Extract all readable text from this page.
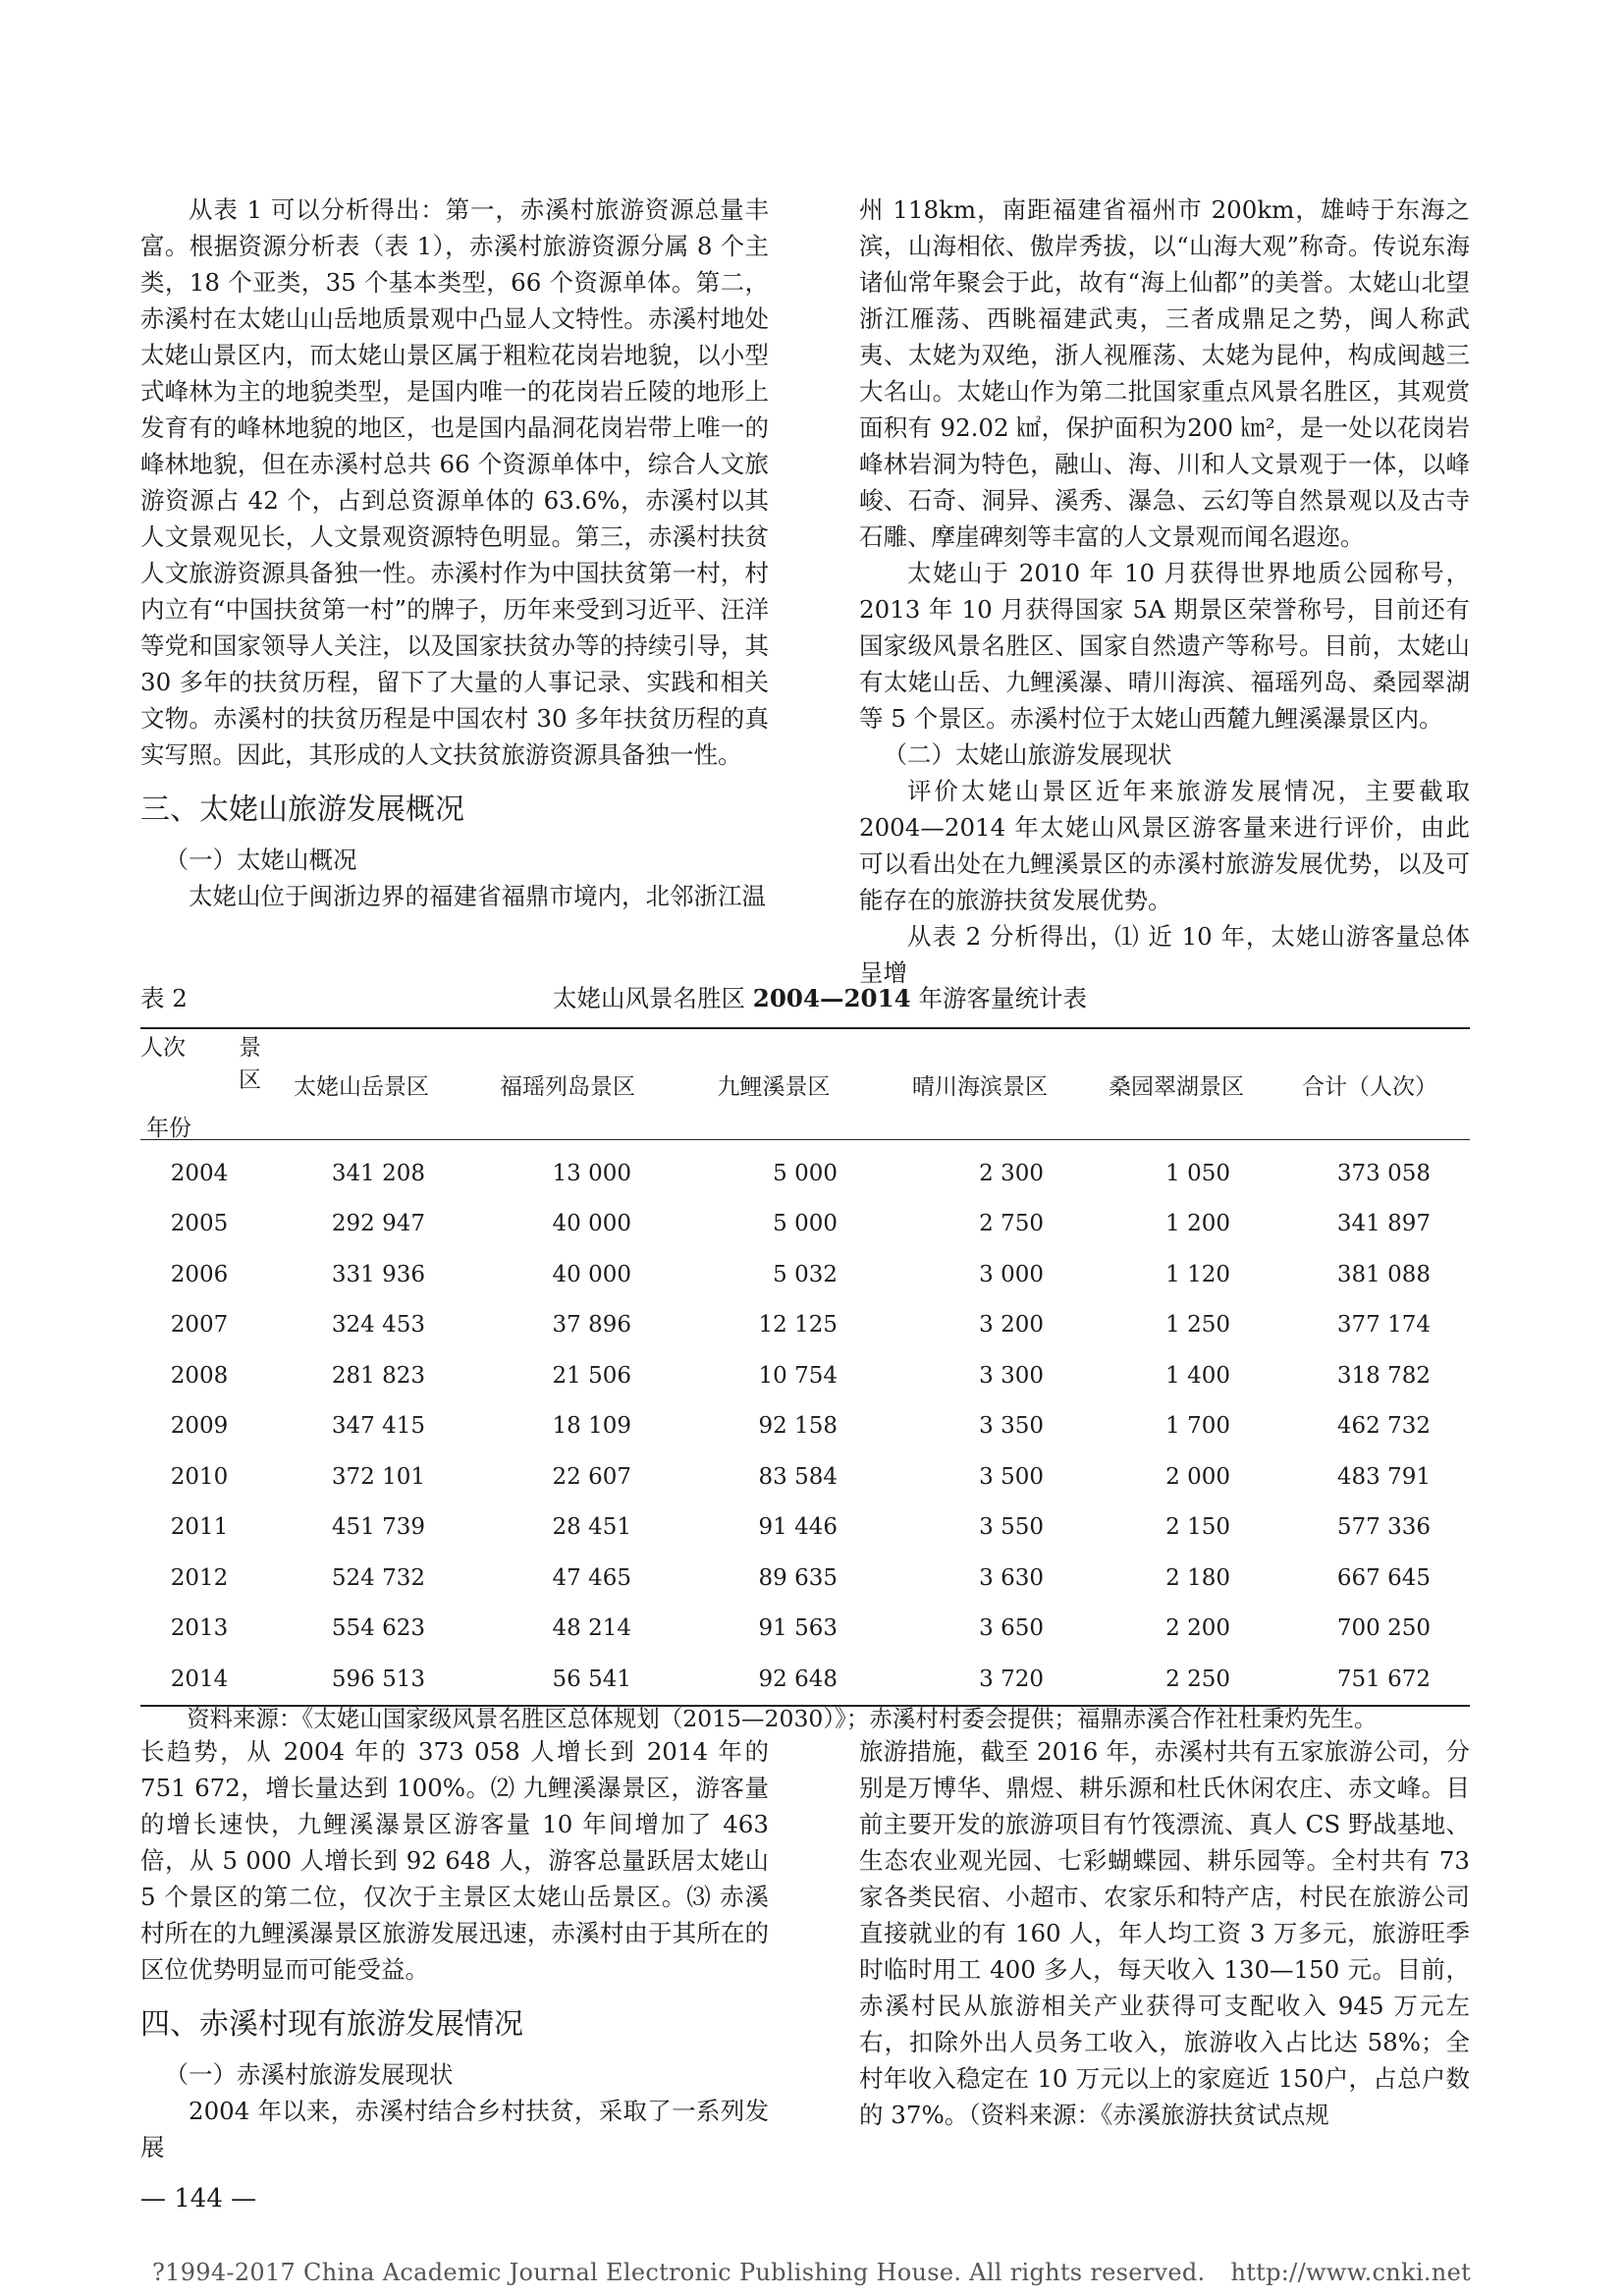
从表 1 可以分析得出：第一，赤溪村旅游资源总量丰富。根据资源分析表（表 1），赤溪村旅游资源分属 8 个主类，18 个亚类，35 个基本类型，66 个资源单体。第二，赤溪村在太姥山山岳地质景观中凸显人文特性。赤溪村地处太姥山景区内，而太姥山景区属于粗粒花岗岩地貌，以小型式峰林为主的地貌类型，是国内唯一的花岗岩丘陵的地形上发育有的峰林地貌的地区，也是国内晶洞花岗岩带上唯一的峰林地貌，但在赤溪村总共 66 个资源单体中，综合人文旅游资源占 42 个，占到总资源单体的 63.6%，赤溪村以其人文景观见长，人文景观资源特色明显。第三，赤溪村扶贫人文旅游资源具备独一性。赤溪村作为中国扶贫第一村，村内立有“中国扶贫第一村”的牌子，历年来受到习近平、汪洋等党和国家领导人关注，以及国家扶贫办等的持续引导，其 30 多年的扶贫历程，留下了大量的人事记录、实践和相关文物。赤溪村的扶贫历程是中国农村 30 多年扶贫历程的真实写照。因此，其形成的人文扶贫旅游资源具备独一性。

三、太姥山旅游发展概况

（一）太姥山概况

太姥山位于闽浙边界的福建省福鼎市境内，北邻浙江温

州 118km，南距福建省福州市 200km，雄峙于东海之滨，山海相依、傲岸秀拔，以“山海大观”称奇。传说东海诸仙常年聚会于此，故有“海上仙都”的美誉。太姥山北望浙江雁荡、西眺福建武夷，三者成鼎足之势，闽人称武夷、太姥为双绝，浙人视雁荡、太姥为昆仲，构成闽越三大名山。太姥山作为第二批国家重点风景名胜区，其观赏面积有 92.02 ㎢，保护面积为200 ㎞²，是一处以花岗岩峰林岩洞为特色，融山、海、川和人文景观于一体，以峰峻、石奇、洞异、溪秀、瀑急、云幻等自然景观以及古寺石雕、摩崖碑刻等丰富的人文景观而闻名遐迩。

太姥山于 2010 年 10 月获得世界地质公园称号，2013 年 10 月获得国家 5A 期景区荣誉称号，目前还有国家级风景名胜区、国家自然遗产等称号。目前，太姥山有太姥山岳、九鲤溪瀑、晴川海滨、福瑶列岛、桑园翠湖等 5 个景区。赤溪村位于太姥山西麓九鲤溪瀑景区内。

（二）太姥山旅游发展现状

评价太姥山景区近年来旅游发展情况，主要截取 2004—2014 年太姥山风景区游客量来进行评价，由此可以看出处在九鲤溪景区的赤溪村旅游发展优势，以及可能存在的旅游扶贫发展优势。

从表 2 分析得出，⑴ 近 10 年，太姥山游客量总体呈增

表 2	太姥山风景名胜区 2004—2014 年游客量统计表
人次 景区
年份	太姥山岳景区	福瑶列岛景区	九鲤溪景区	晴川海滨景区	桑园翠湖景区	合计（人次）
2004	341 208	13 000	5 000	2 300	1 050	373 058
2005	292 947	40 000	5 000	2 750	1 200	341 897
2006	331 936	40 000	5 032	3 000	1 120	381 088
2007	324 453	37 896	12 125	3 200	1 250	377 174
2008	281 823	21 506	10 754	3 300	1 400	318 782
2009	347 415	18 109	92 158	3 350	1 700	462 732
2010	372 101	22 607	83 584	3 500	2 000	483 791
2011	451 739	28 451	91 446	3 550	2 150	577 336
2012	524 732	47 465	89 635	3 630	2 180	667 645
2013	554 623	48 214	91 563	3 650	2 200	700 250
2014	596 513	56 541	92 648	3 720	2 250	751 672
资料来源：《太姥山国家级风景名胜区总体规划（2015—2030）》；赤溪村村委会提供；福鼎赤溪合作社杜秉灼先生。

长趋势，从 2004 年的 373 058 人增长到 2014 年的 751 672，增长量达到 100%。⑵ 九鲤溪瀑景区，游客量的增长速快，九鲤溪瀑景区游客量 10 年间增加了 463 倍，从 5 000 人增长到 92 648 人，游客总量跃居太姥山 5 个景区的第二位，仅次于主景区太姥山岳景区。⑶ 赤溪村所在的九鲤溪瀑景区旅游发展迅速，赤溪村由于其所在的区位优势明显而可能受益。

四、赤溪村现有旅游发展情况

（一）赤溪村旅游发展现状

2004 年以来，赤溪村结合乡村扶贫，采取了一系列发展

旅游措施，截至 2016 年，赤溪村共有五家旅游公司，分别是万博华、鼎煜、耕乐源和杜氏休闲农庄、赤文峰。目前主要开发的旅游项目有竹筏漂流、真人 CS 野战基地、生态农业观光园、七彩蝴蝶园、耕乐园等。全村共有 73 家各类民宿、小超市、农家乐和特产店，村民在旅游公司直接就业的有 160 人，年人均工资 3 万多元，旅游旺季时临时用工 400 多人，每天收入 130—150 元。目前，赤溪村民从旅游相关产业获得可支配收入 945 万元左右，扣除外出人员务工收入，旅游收入占比达 58%；全村年收入稳定在 10 万元以上的家庭近 150户，占总户数的 37%。（资料来源：《赤溪旅游扶贫试点规

— 144 —
?1994-2017 China Academic Journal Electronic Publishing House. All rights reserved. http://www.cnki.net
